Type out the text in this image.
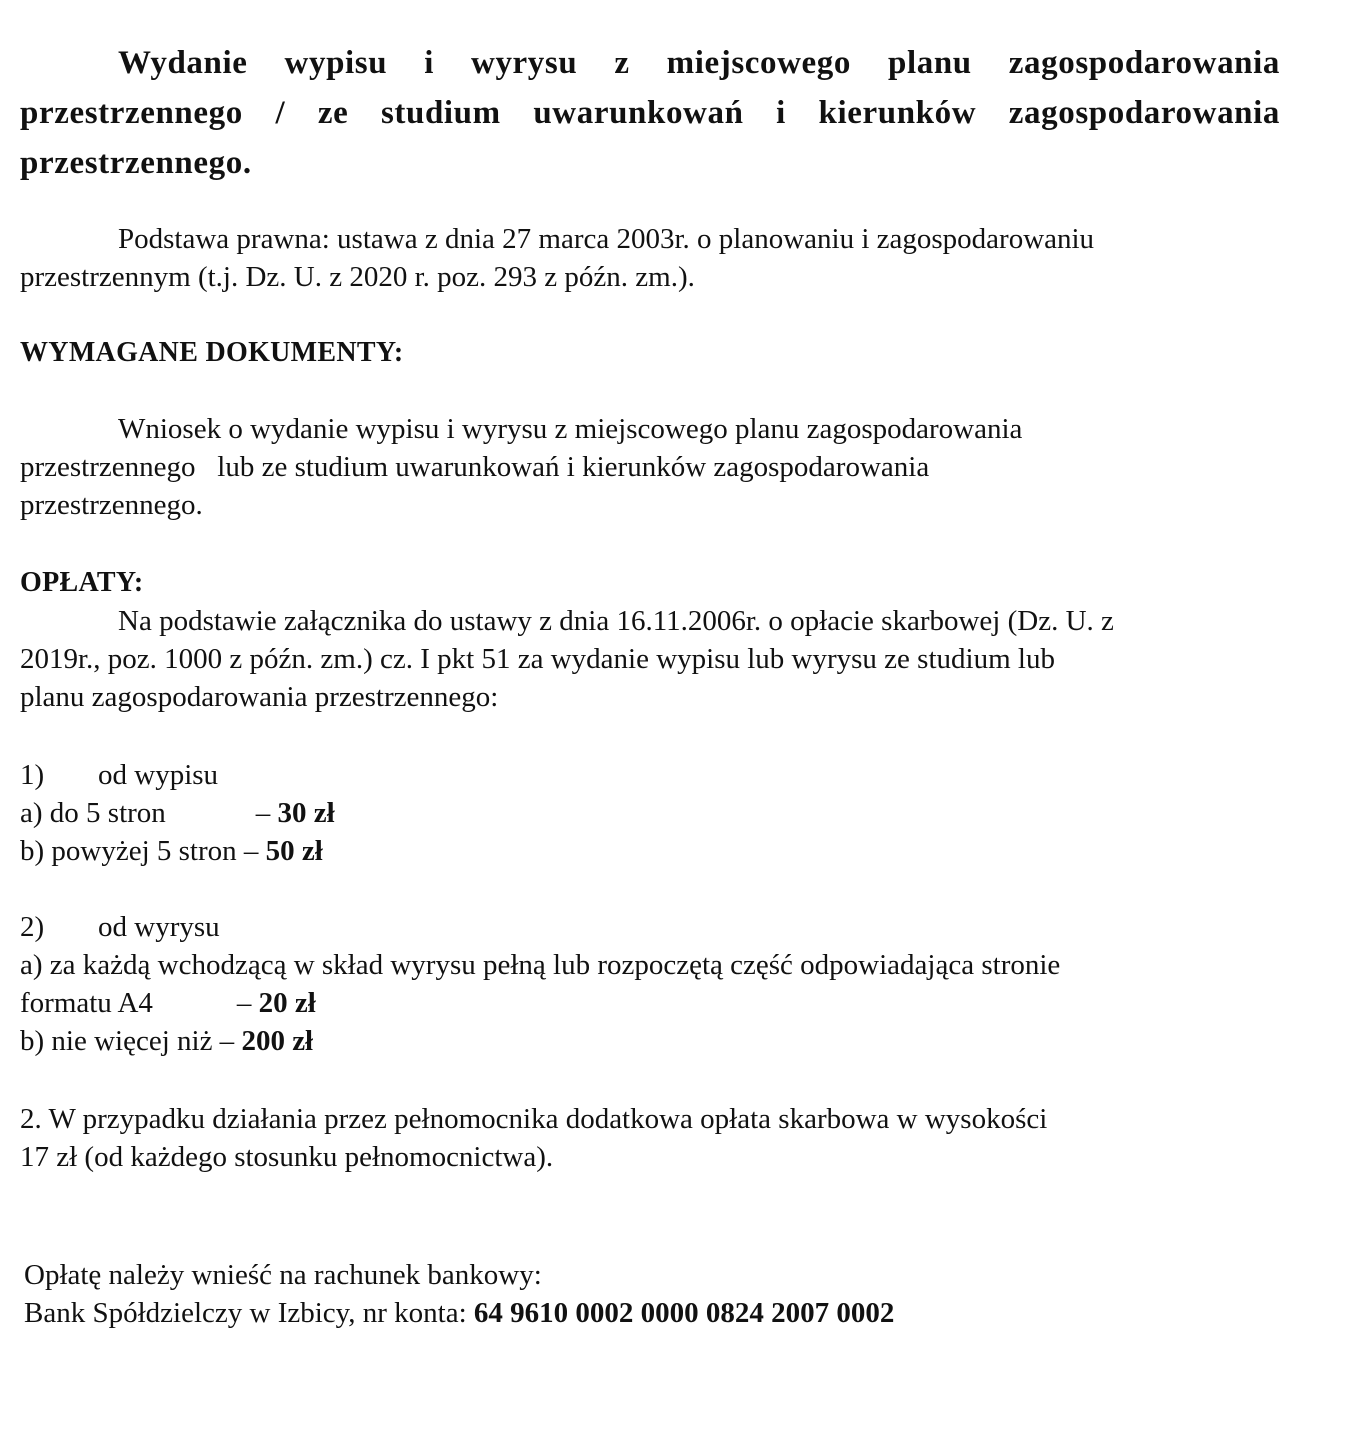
Wydanie wypisu i wyrysu z miejscowego planu zagospodarowania
przestrzennego / ze studium uwarunkowań i kierunków zagospodarowania
przestrzennego.
Podstawa prawna: ustawa z dnia 27 marca 2003r. o planowaniu i zagospodarowaniu
przestrzennym (t.j. Dz. U. z 2020 r. poz. 293 z późn. zm.).
WYMAGANE DOKUMENTY:
Wniosek o wydanie wypisu i wyrysu z miejscowego planu zagospodarowania
przestrzennego   lub ze studium uwarunkowań i kierunków zagospodarowania
przestrzennego.
OPŁATY:
Na podstawie załącznika do ustawy z dnia 16.11.2006r. o opłacie skarbowej (Dz. U. z
2019r., poz. 1000 z późn. zm.) cz. I pkt 51 za wydanie wypisu lub wyrysu ze studium lub
planu zagospodarowania przestrzennego:
1) od wypisu
a) do 5 stron	– 30 zł
b) powyżej 5 stron – 50 zł
2) od wyrysu
a) za każdą wchodzącą w skład wyrysu pełną lub rozpoczętą część odpowiadająca stronie
formatu A4	– 20 zł
b) nie więcej niż – 200 zł
2. W przypadku działania przez pełnomocnika dodatkowa opłata skarbowa w wysokości
17 zł (od każdego stosunku pełnomocnictwa).
Opłatę należy wnieść na rachunek bankowy:
Bank Spółdzielczy w Izbicy, nr konta: 64 9610 0002 0000 0824 2007 0002
